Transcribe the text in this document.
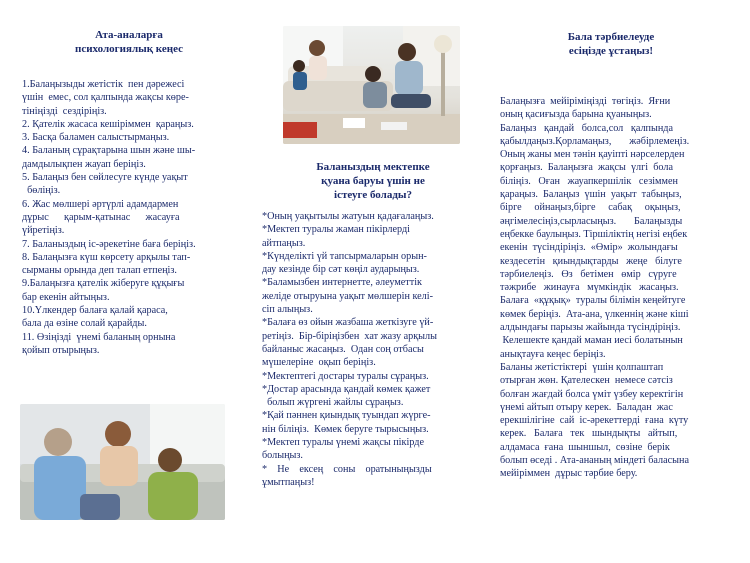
Ата-аналарға
психологиялық кеңес
1.Балаңызыды жетістік  пен дәрежесі
үшін  емес, сол қалпында жақсы көре-
тініңізді  сездіріңіз.
2. Қателік жасаса кешіріммен  қараңыз.
3. Басқа баламен салыстырмаңыз.
4. Баланың сұрақтарына шын және шы-
дамдылықпен жауап беріңіз.
5. Балаңыз бен сөйлесуге күнде уақыт
бөліңіз.
6. Жас мөлшері әртүрлі адамдармен
дұрыс      қарым-қатынас      жасауға
үйретіңіз.
7. Баланыздың іс-әрекетіне баға беріңіз.
8. Балаңызға күш көрсету арқылы тап-
сырманы орында деп талап етпеңіз.
9.Балаңызға қателік жіберуге құқығы
бар екенін айтыңыз.
10.Үлкендер балаға қалай қараса,
бала да өзіне солай қарайды.
11. Өзіңізді  үнемі баланың орнына
қойып отырыңыз.
Баланыздың мектепке
қуана баруы үшін не
істеуге болады?
*Оның уақытылы жатуын қадағалаңыз.
*Мектеп туралы жаман пікірлерді
айтпаңыз.
*Күнделікті үй тапсырмаларын орын-
дау кезінде бір сәт көңіл аударыңыз.
*Баламызбен интернетте, әлеуметтік
желіде отыруына уақыт мөлшерін келі-
сіп алыңыз.
*Балаға өз ойын жазбаша жеткізуге үй-
ретіңіз.  Бір-біріңізбен  хат жазу арқылы
байланыс жасаңыз.  Одан соң отбасы
мүшелеріне  оқып беріңіз.
*Мектептегі достары туралы сұраңыз.
*Достар арасында қандай көмек қажет
болып жүргені жайлы сұраңыз.
*Қай пәннен қиындық туындап жүрге-
нін біліңіз.  Көмек беруге тырысыңыз.
*Мектеп туралы үнемі жақсы пікірде
болыңыз.
*    Не    ексең    соны    оратыныңызды
ұмытпаңыз!
Бала тәрбиелеуде
есіңізде ұстаңыз!
Балаңызға  мейіріміңізді  төгіңіз.  Яғни
оның қасиғызда барына қуаныңыз.
Балаңыз   қандай   болса,сол   қалпында
қабылдаңыз.Қорламаңыз,       жәбірлемеңіз.
Оның жаны мен тәнін қауіпті нәрселерден
қорғаңыз.  Балаңызға  жақсы  үлгі  бола
біліңіз.   Оған   жауапкершілік   сезіммен
қараңыз.  Балаңыз  үшін  уақыт  табыңыз,
бірге     ойнаңыз,бірге     сабақ     оқыңыз,
әңгімелесіңіз,сырласыңыз.       Балаңызды
еңбекке баулыңыз. Тіршіліктің негізі еңбек
екенін  түсіндіріңіз.  «Өмір»  жолындағы
кездесетін   қиындықтарды   жеңе   білуге
тәрбиелеңіз.   Өз   бетімен   өмір   сүруге
тәжрибе   жинауға   мүмкіндік   жасаңыз.
Балаға  «құқық»  туралы білімін кеңейтуге
көмек беріңіз.  Ата-ана, үлкеннің және кіші
алдындағы парызы жайында түсіндіріңіз.
Келешекте қандай маман иесі болатынын
анықтауға кеңес беріңіз.
Баланы жетістіктері  үшін қолпаштап
отырған жөн. Қателескен  немесе сәтсіз
болған жағдай болса үміт үзбеу керектігін
үнемі айтып отыру керек.  Баладан  жас
ерекшілігіне  сай  іс-әрекеттерді  ғана  күту
керек.   Балаға   тек   шындықты   айтып,
алдамаса  ғана  шыншыл,  сөзіне  берік
болып өседі . Ата-ананың міндеті баласына
мейіріммен  дұрыс тәрбие беру.
